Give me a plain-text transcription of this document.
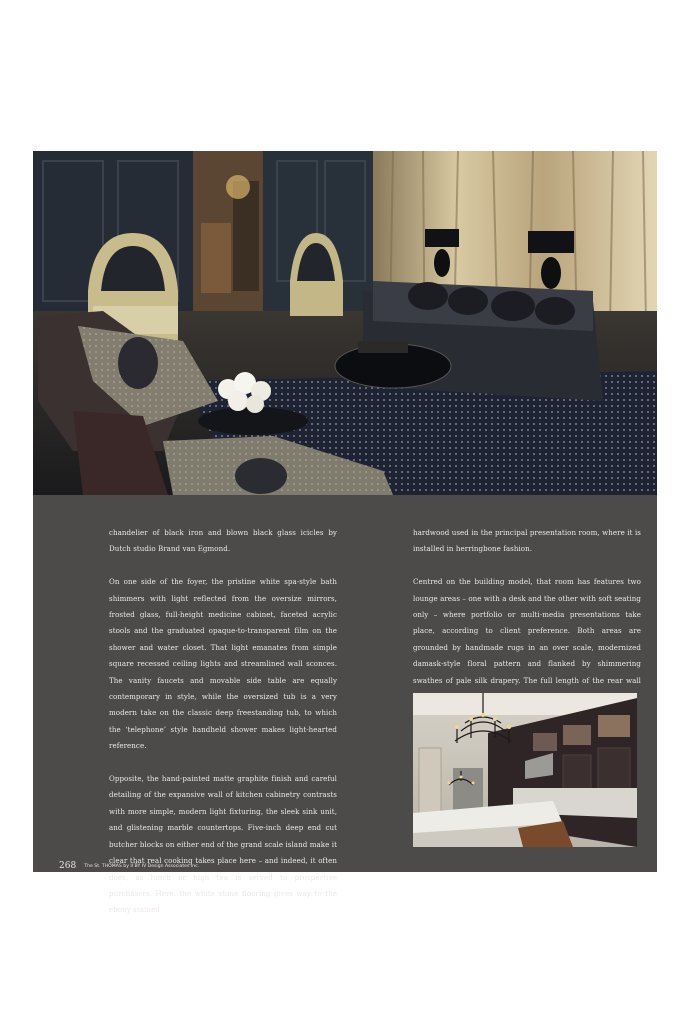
chandelier of black iron and blown black glass icicles by Dutch studio Brand van Egmond.

On one side of the foyer, the pristine white spa-style bath shimmers with light reflected from the oversize mirrors, frosted glass, full-height medicine cabinet, faceted acrylic stools and the graduated opaque-to-transparent film on the shower and water closet. That light emanates from simple square recessed ceiling lights and streamlined wall sconces. The vanity faucets and movable side table are equally contemporary in style, while the oversized tub is a very modern take on the classic deep freestanding tub, to which the ‘telephone’ style handheld shower makes light-hearted reference.

Opposite, the hand-painted matte graphite finish and careful detailing of the expansive wall of kitchen cabinetry contrasts with more simple, modern light fixturing, the sleek sink unit, and glistening marble countertops. Five-inch deep end cut butcher blocks on either end of the grand scale island make it clear that real cooking takes place here – and indeed, it often does, as lunch or high tea is served to prospective purchasers. Here, the white stone flooring gives way to the ebony stained

hardwood used in the principal presentation room, where it is installed in herringbone fashion.

Centred on the building model, that room has features two lounge areas – one with a desk and the other with soft seating only – where portfolio or multi-media presentations take place, according to client preference. Both areas are grounded by handmade rugs in an over scale, modernized damask-style floral pattern and flanked by shimmering swathes of pale silk drapery. The full length of the rear wall

268 The St. THOMAS by II BY IV Design Associates Inc.
